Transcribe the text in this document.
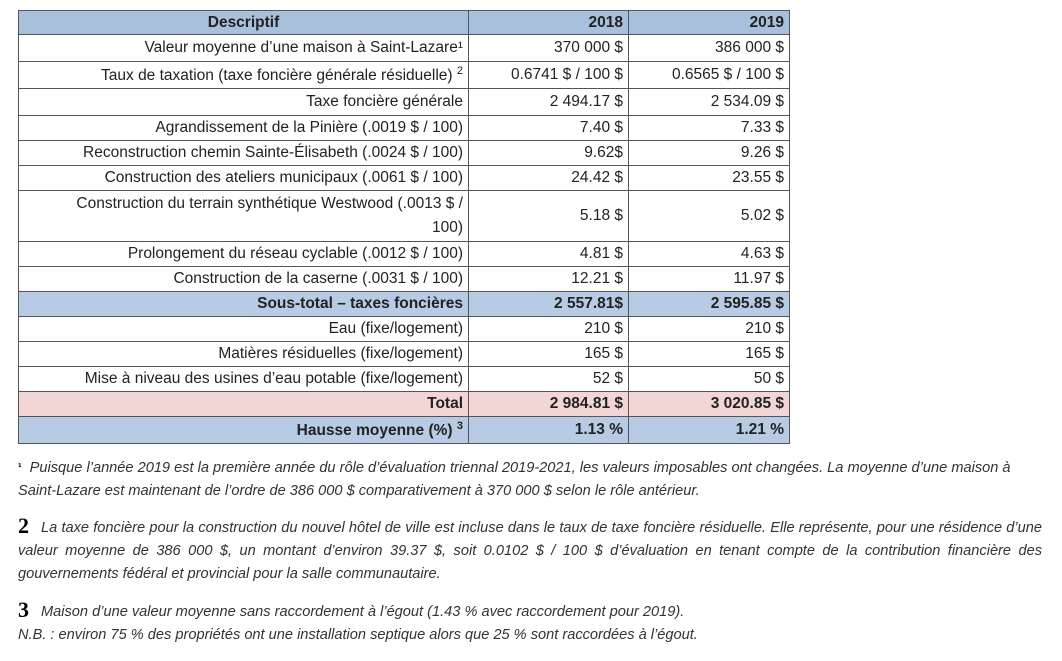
Descriptif	2018	2019
Valeur moyenne d’une maison à Saint-Lazare¹	370 000 $	386 000 $
Taux de taxation (taxe foncière générale résiduelle) $^2$	0.6741 $ / 100 $	0.6565 $ / 100 $
Taxe foncière générale	2 494.17 $	2 534.09 $
Agrandissement de la Pinière (.0019 $ / 100)	7.40 $	7.33 $
Reconstruction chemin Sainte-Élisabeth (.0024 $ / 100)	9.62$	9.26 $
Construction des ateliers municipaux (.0061 $ / 100)	24.42 $	23.55 $
Construction du terrain synthétique Westwood (.0013 $ /
100)	5.18 $	5.02 $
Prolongement du réseau cyclable (.0012 $ / 100)	4.81 $	4.63 $
Construction de la caserne (.0031 $ / 100)	12.21 $	11.97 $
Sous-total – taxes foncières	2 557.81$	2 595.85 $
Eau (fixe/logement)	210 $	210 $
Matières résiduelles (fixe/logement)	165 $	165 $
Mise à niveau des usines d’eau potable (fixe/logement)	52 $	50 $
Total	2 984.81 $	3 020.85 $
Hausse moyenne (%) $^3$	1.13 %	1.21 %
$^{^1}$ Puisque l’année 2019 est la première année du rôle d’évaluation triennal 2019-2021, les valeurs imposables ont changées. La moyenne d’une maison à Saint-Lazare est maintenant de l’ordre de 386 000 $ comparativement à 370 000 $ selon le rôle antérieur.
2 La taxe foncière pour la construction du nouvel hôtel de ville est incluse dans le taux de taxe foncière résiduelle. Elle représente, pour une résidence d’une valeur moyenne de 386 000 $, un montant d’environ 39.37 $, soit 0.0102 $ / 100 $ d’évaluation en tenant compte de la contribution financière des gouvernements fédéral et provincial pour la salle communautaire.
3 Maison d’une valeur moyenne sans raccordement à l’égout (1.43 % avec raccordement pour 2019).
N.B. : environ 75 % des propriétés ont une installation septique alors que 25 % sont raccordées à l’égout.
